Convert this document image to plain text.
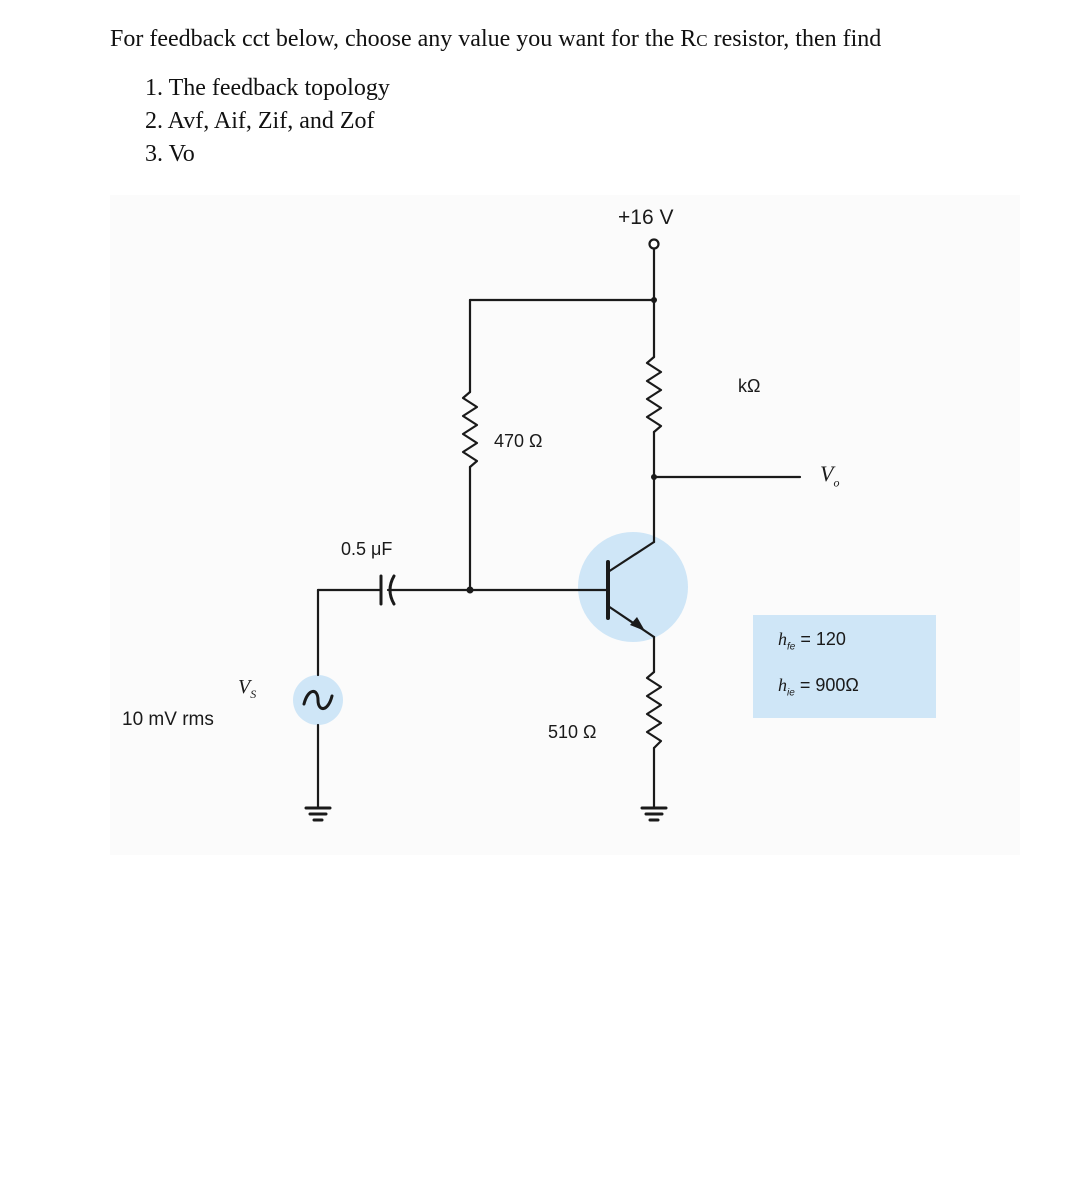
For feedback cct below, choose any value you want for the RC resistor, then find
1. The feedback topology
2. Avf, Aif, Zif, and Zof
3. Vo
+16 V
kΩ
470 Ω
510 Ω
0.5 μF
$V_o$
$V_S$
10 mV rms
$h_{fe} = 120$
$h_{ie} = 900\Omega$
